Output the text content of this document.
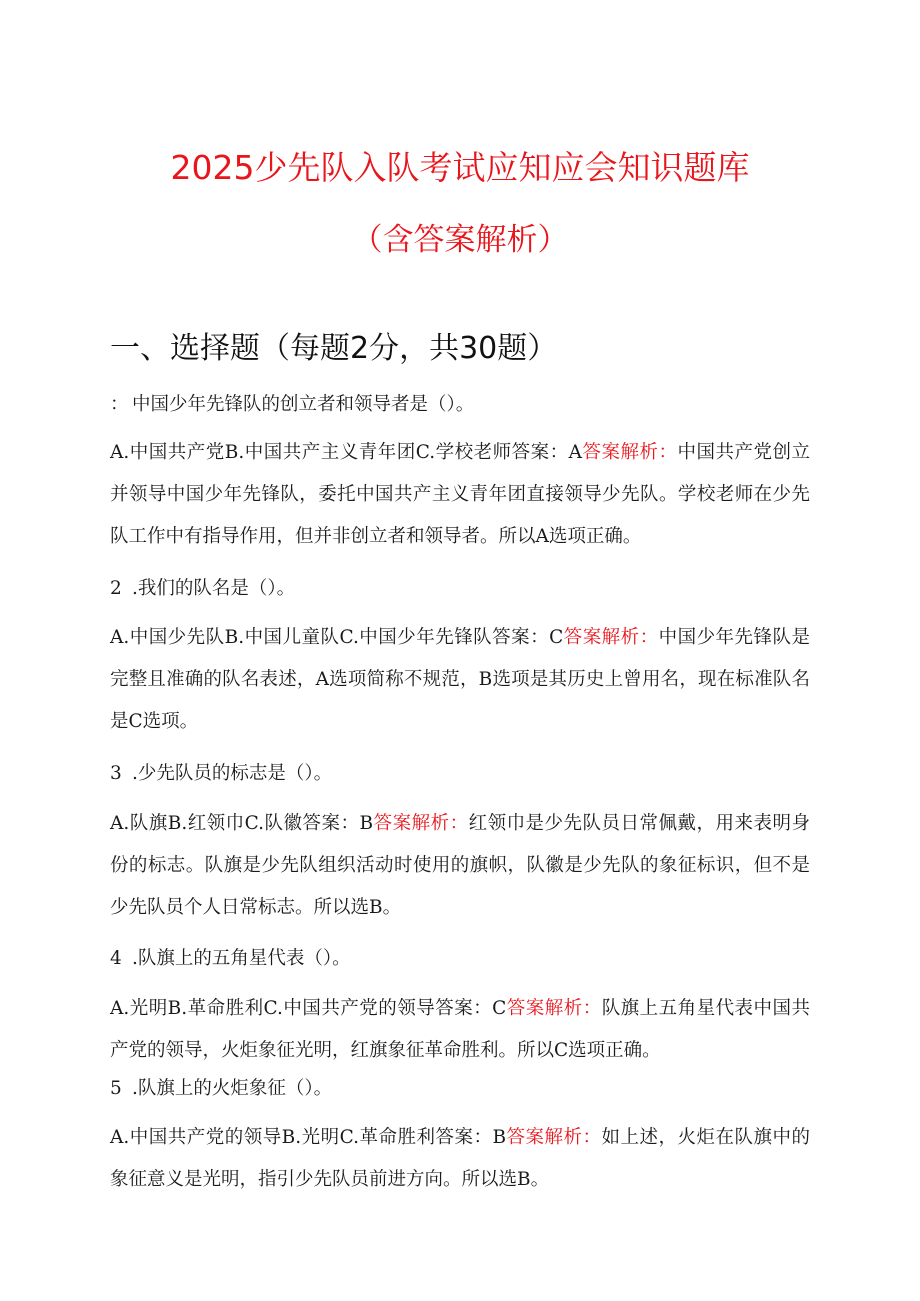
2025少先队入队考试应知应会知识题库
（含答案解析）
一、选择题（每题2分，共30题）
： 中国少年先锋队的创立者和领导者是（）。
A.中国共产党B.中国共产主义青年团C.学校老师答案：A答案解析：中国共产党创立并领导中国少年先锋队，委托中国共产主义青年团直接领导少先队。学校老师在少先队工作中有指导作用，但并非创立者和领导者。所以A选项正确。
2 .我们的队名是（）。
A.中国少先队B.中国儿童队C.中国少年先锋队答案：C答案解析：中国少年先锋队是完整且准确的队名表述，A选项简称不规范，B选项是其历史上曾用名，现在标准队名是C选项。
3 .少先队员的标志是（）。
A.队旗B.红领巾C.队徽答案：B答案解析：红领巾是少先队员日常佩戴，用来表明身份的标志。队旗是少先队组织活动时使用的旗帜，队徽是少先队的象征标识，但不是少先队员个人日常标志。所以选B。
4 .队旗上的五角星代表（）。
A.光明B.革命胜利C.中国共产党的领导答案：C答案解析：队旗上五角星代表中国共产党的领导，火炬象征光明，红旗象征革命胜利。所以C选项正确。
5 .队旗上的火炬象征（）。
A.中国共产党的领导B.光明C.革命胜利答案：B答案解析：如上述，火炬在队旗中的象征意义是光明，指引少先队员前进方向。所以选B。
